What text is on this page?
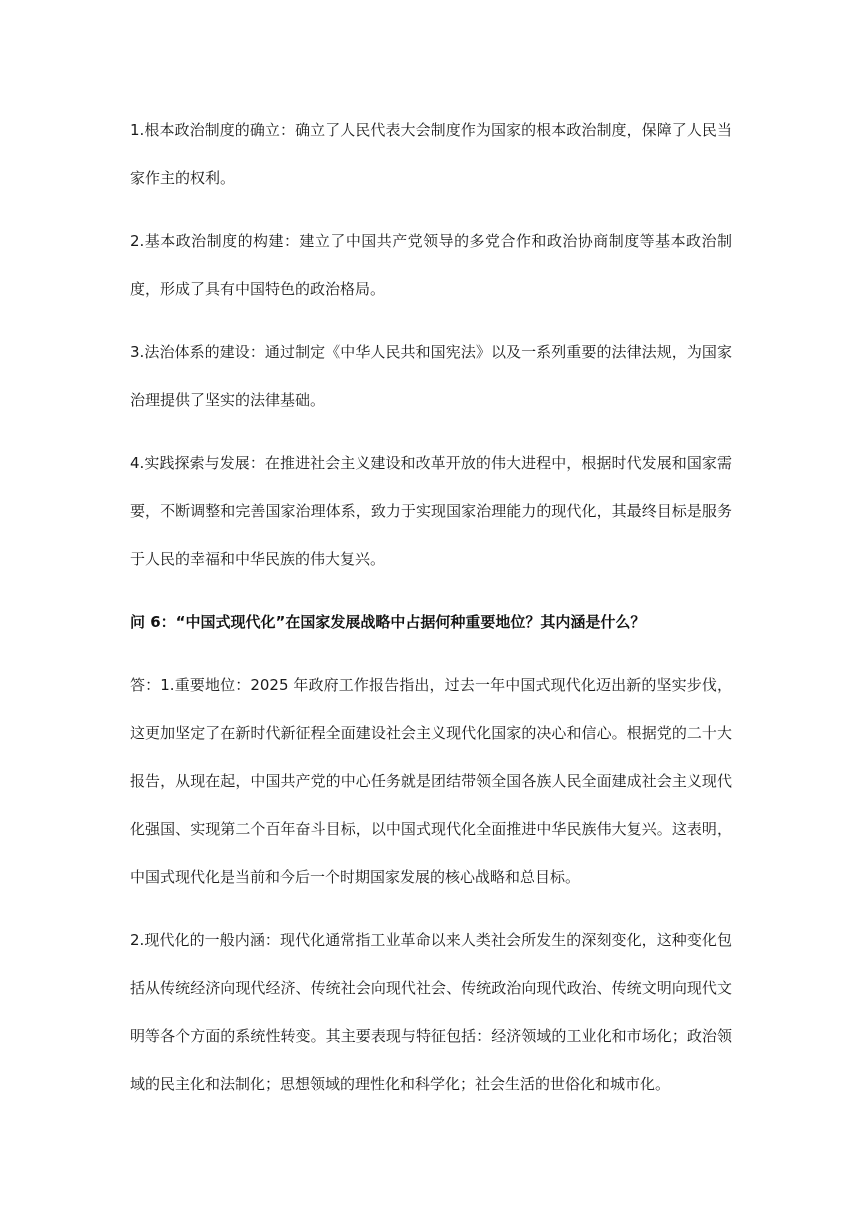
1.根本政治制度的确立：确立了人民代表大会制度作为国家的根本政治制度，保障了人民当家作主的权利。

2.基本政治制度的构建：建立了中国共产党领导的多党合作和政治协商制度等基本政治制度，形成了具有中国特色的政治格局。

3.法治体系的建设：通过制定《中华人民共和国宪法》以及一系列重要的法律法规，为国家治理提供了坚实的法律基础。

4.实践探索与发展：在推进社会主义建设和改革开放的伟大进程中，根据时代发展和国家需要，不断调整和完善国家治理体系，致力于实现国家治理能力的现代化，其最终目标是服务于人民的幸福和中华民族的伟大复兴。

问 6：“中国式现代化”在国家发展战略中占据何种重要地位？其内涵是什么？

答：1.重要地位：2025 年政府工作报告指出，过去一年中国式现代化迈出新的坚实步伐，这更加坚定了在新时代新征程全面建设社会主义现代化国家的决心和信心。根据党的二十大报告，从现在起，中国共产党的中心任务就是团结带领全国各族人民全面建成社会主义现代化强国、实现第二个百年奋斗目标，以中国式现代化全面推进中华民族伟大复兴。这表明，中国式现代化是当前和今后一个时期国家发展的核心战略和总目标。

2.现代化的一般内涵：现代化通常指工业革命以来人类社会所发生的深刻变化，这种变化包括从传统经济向现代经济、传统社会向现代社会、传统政治向现代政治、传统文明向现代文明等各个方面的系统性转变。其主要表现与特征包括：经济领域的工业化和市场化；政治领域的民主化和法制化；思想领域的理性化和科学化；社会生活的世俗化和城市化。
